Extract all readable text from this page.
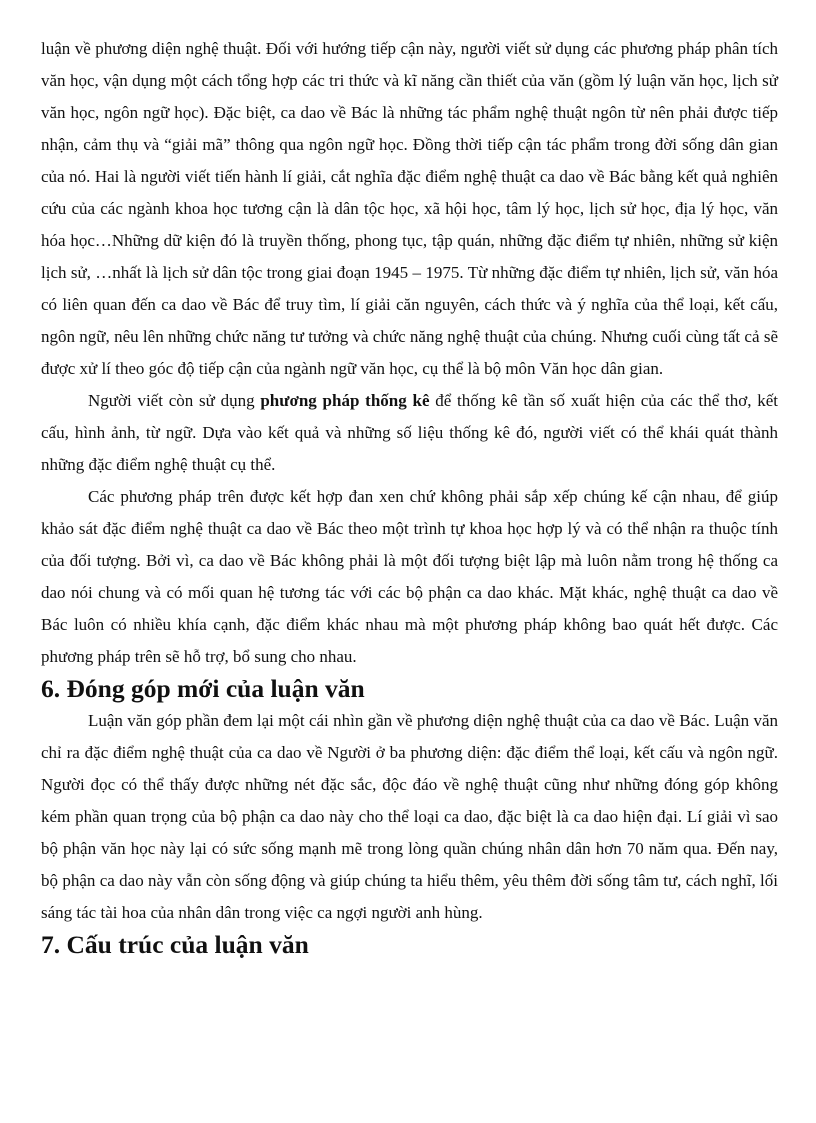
luận về phương diện nghệ thuật. Đối với hướng tiếp cận này, người viết sử dụng các phương pháp phân tích văn học, vận dụng một cách tổng hợp các tri thức và kĩ năng cần thiết của văn (gồm lý luận văn học, lịch sử văn học, ngôn ngữ học). Đặc biệt, ca dao về Bác là những tác phẩm nghệ thuật ngôn từ nên phải được tiếp nhận, cảm thụ và “giải mã” thông qua ngôn ngữ học. Đồng thời tiếp cận tác phẩm trong đời sống dân gian của nó. Hai là người viết tiến hành lí giải, cắt nghĩa đặc điểm nghệ thuật ca dao về Bác bằng kết quả nghiên cứu của các ngành khoa học tương cận là dân tộc học, xã hội học, tâm lý học, lịch sử học, địa lý học, văn hóa học…Những dữ kiện đó là truyền thống, phong tục, tập quán, những đặc điểm tự nhiên, những sử kiện lịch sử, …nhất là lịch sử dân tộc trong giai đoạn 1945 – 1975. Từ những đặc điểm tự nhiên, lịch sử, văn hóa có liên quan đến ca dao về Bác để truy tìm, lí giải căn nguyên, cách thức và ý nghĩa của thể loại, kết cấu, ngôn ngữ, nêu lên những chức năng tư tưởng và chức năng nghệ thuật của chúng. Nhưng cuối cùng tất cả sẽ được xử lí theo góc độ tiếp cận của ngành ngữ văn học, cụ thể là bộ môn Văn học dân gian.

Người viết còn sử dụng phương pháp thống kê để thống kê tần số xuất hiện của các thể thơ, kết cấu, hình ảnh, từ ngữ. Dựa vào kết quả và những số liệu thống kê đó, người viết có thể khái quát thành những đặc điểm nghệ thuật cụ thể.

Các phương pháp trên được kết hợp đan xen chứ không phải sắp xếp chúng kế cận nhau, để giúp khảo sát đặc điểm nghệ thuật ca dao về Bác theo một trình tự khoa học hợp lý và có thể nhận ra thuộc tính của đối tượng. Bởi vì, ca dao về Bác không phải là một đối tượng biệt lập mà luôn nằm trong hệ thống ca dao nói chung và có mối quan hệ tương tác với các bộ phận ca dao khác. Mặt khác, nghệ thuật ca dao về Bác luôn có nhiều khía cạnh, đặc điểm khác nhau mà một phương pháp không bao quát hết được. Các phương pháp trên sẽ hỗ trợ, bổ sung cho nhau.

6. Đóng góp mới của luận văn

Luận văn góp phần đem lại một cái nhìn gần về phương diện nghệ thuật của ca dao về Bác. Luận văn chỉ ra đặc điểm nghệ thuật của ca dao về Người ở ba phương diện: đặc điểm thể loại, kết cấu và ngôn ngữ. Người đọc có thể thấy được những nét đặc sắc, độc đáo về nghệ thuật cũng như những đóng góp không kém phần quan trọng của bộ phận ca dao này cho thể loại ca dao, đặc biệt là ca dao hiện đại. Lí giải vì sao bộ phận văn học này lại có sức sống mạnh mẽ trong lòng quần chúng nhân dân hơn 70 năm qua. Đến nay, bộ phận ca dao này vẫn còn sống động và giúp chúng ta hiểu thêm, yêu thêm đời sống tâm tư, cách nghĩ, lối sáng tác tài hoa của nhân dân trong việc ca ngợi người anh hùng.

7. Cấu trúc của luận văn
